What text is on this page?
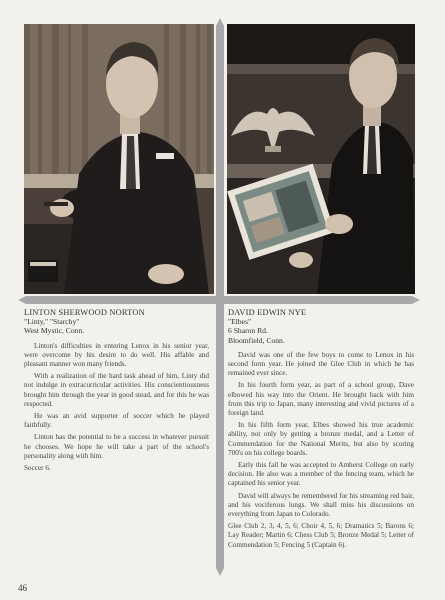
LINTON SHERWOOD NORTON
"Linty," "Starchy"
West Mystic, Conn.

Linton's difficulties in entering Lenox in his senior year, were overcome by his desire to do well. His affable and pleasant manner won many friends.

With a realization of the hard task ahead of him, Linty did not indulge in extracurricular activities. His conscientiousness brought him through the year in good stead, and for this he was respected.

He was an avid supporter of soccer which he played faithfully.

Linton has the potential to be a success in whatever pursuit he chooses. We hope he will take a part of the school's personality along with him.

Soccer 6.

DAVID EDWIN NYE
"Elbes"
6 Sharon Rd.
Bloomfield, Conn.

David was one of the few boys to come to Lenox in his second form year. He joined the Glee Club in which he has remained ever since.

In his fourth form year, as part of a school group, Dave elbowed his way into the Orient. He brought back with him from this trip to Japan, many interesting and vivid pictures of a foreign land.

In his fifth form year, Elbes showed his true academic ability, not only by getting a bronze medal, and a Letter of Commendation for the National Merits, but also by scoring 700's on his college boards.

Early this fall he was accepted to Amherst College on early decision. He also was a member of the fencing team, which he captained his senior year.

David will always be remembered for his streaming red hair, and his vociferous lungs. We shall miss his discussions on everything from Japan to Colorado.

Glee Club 2, 3, 4, 5, 6; Choir 4, 5, 6; Dramatics 5; Barons 6; Lay Reader; Martin 6; Chess Club 5; Bronze Medal 5; Letter of Commendation 5; Fencing 5 (Captain 6).

46
